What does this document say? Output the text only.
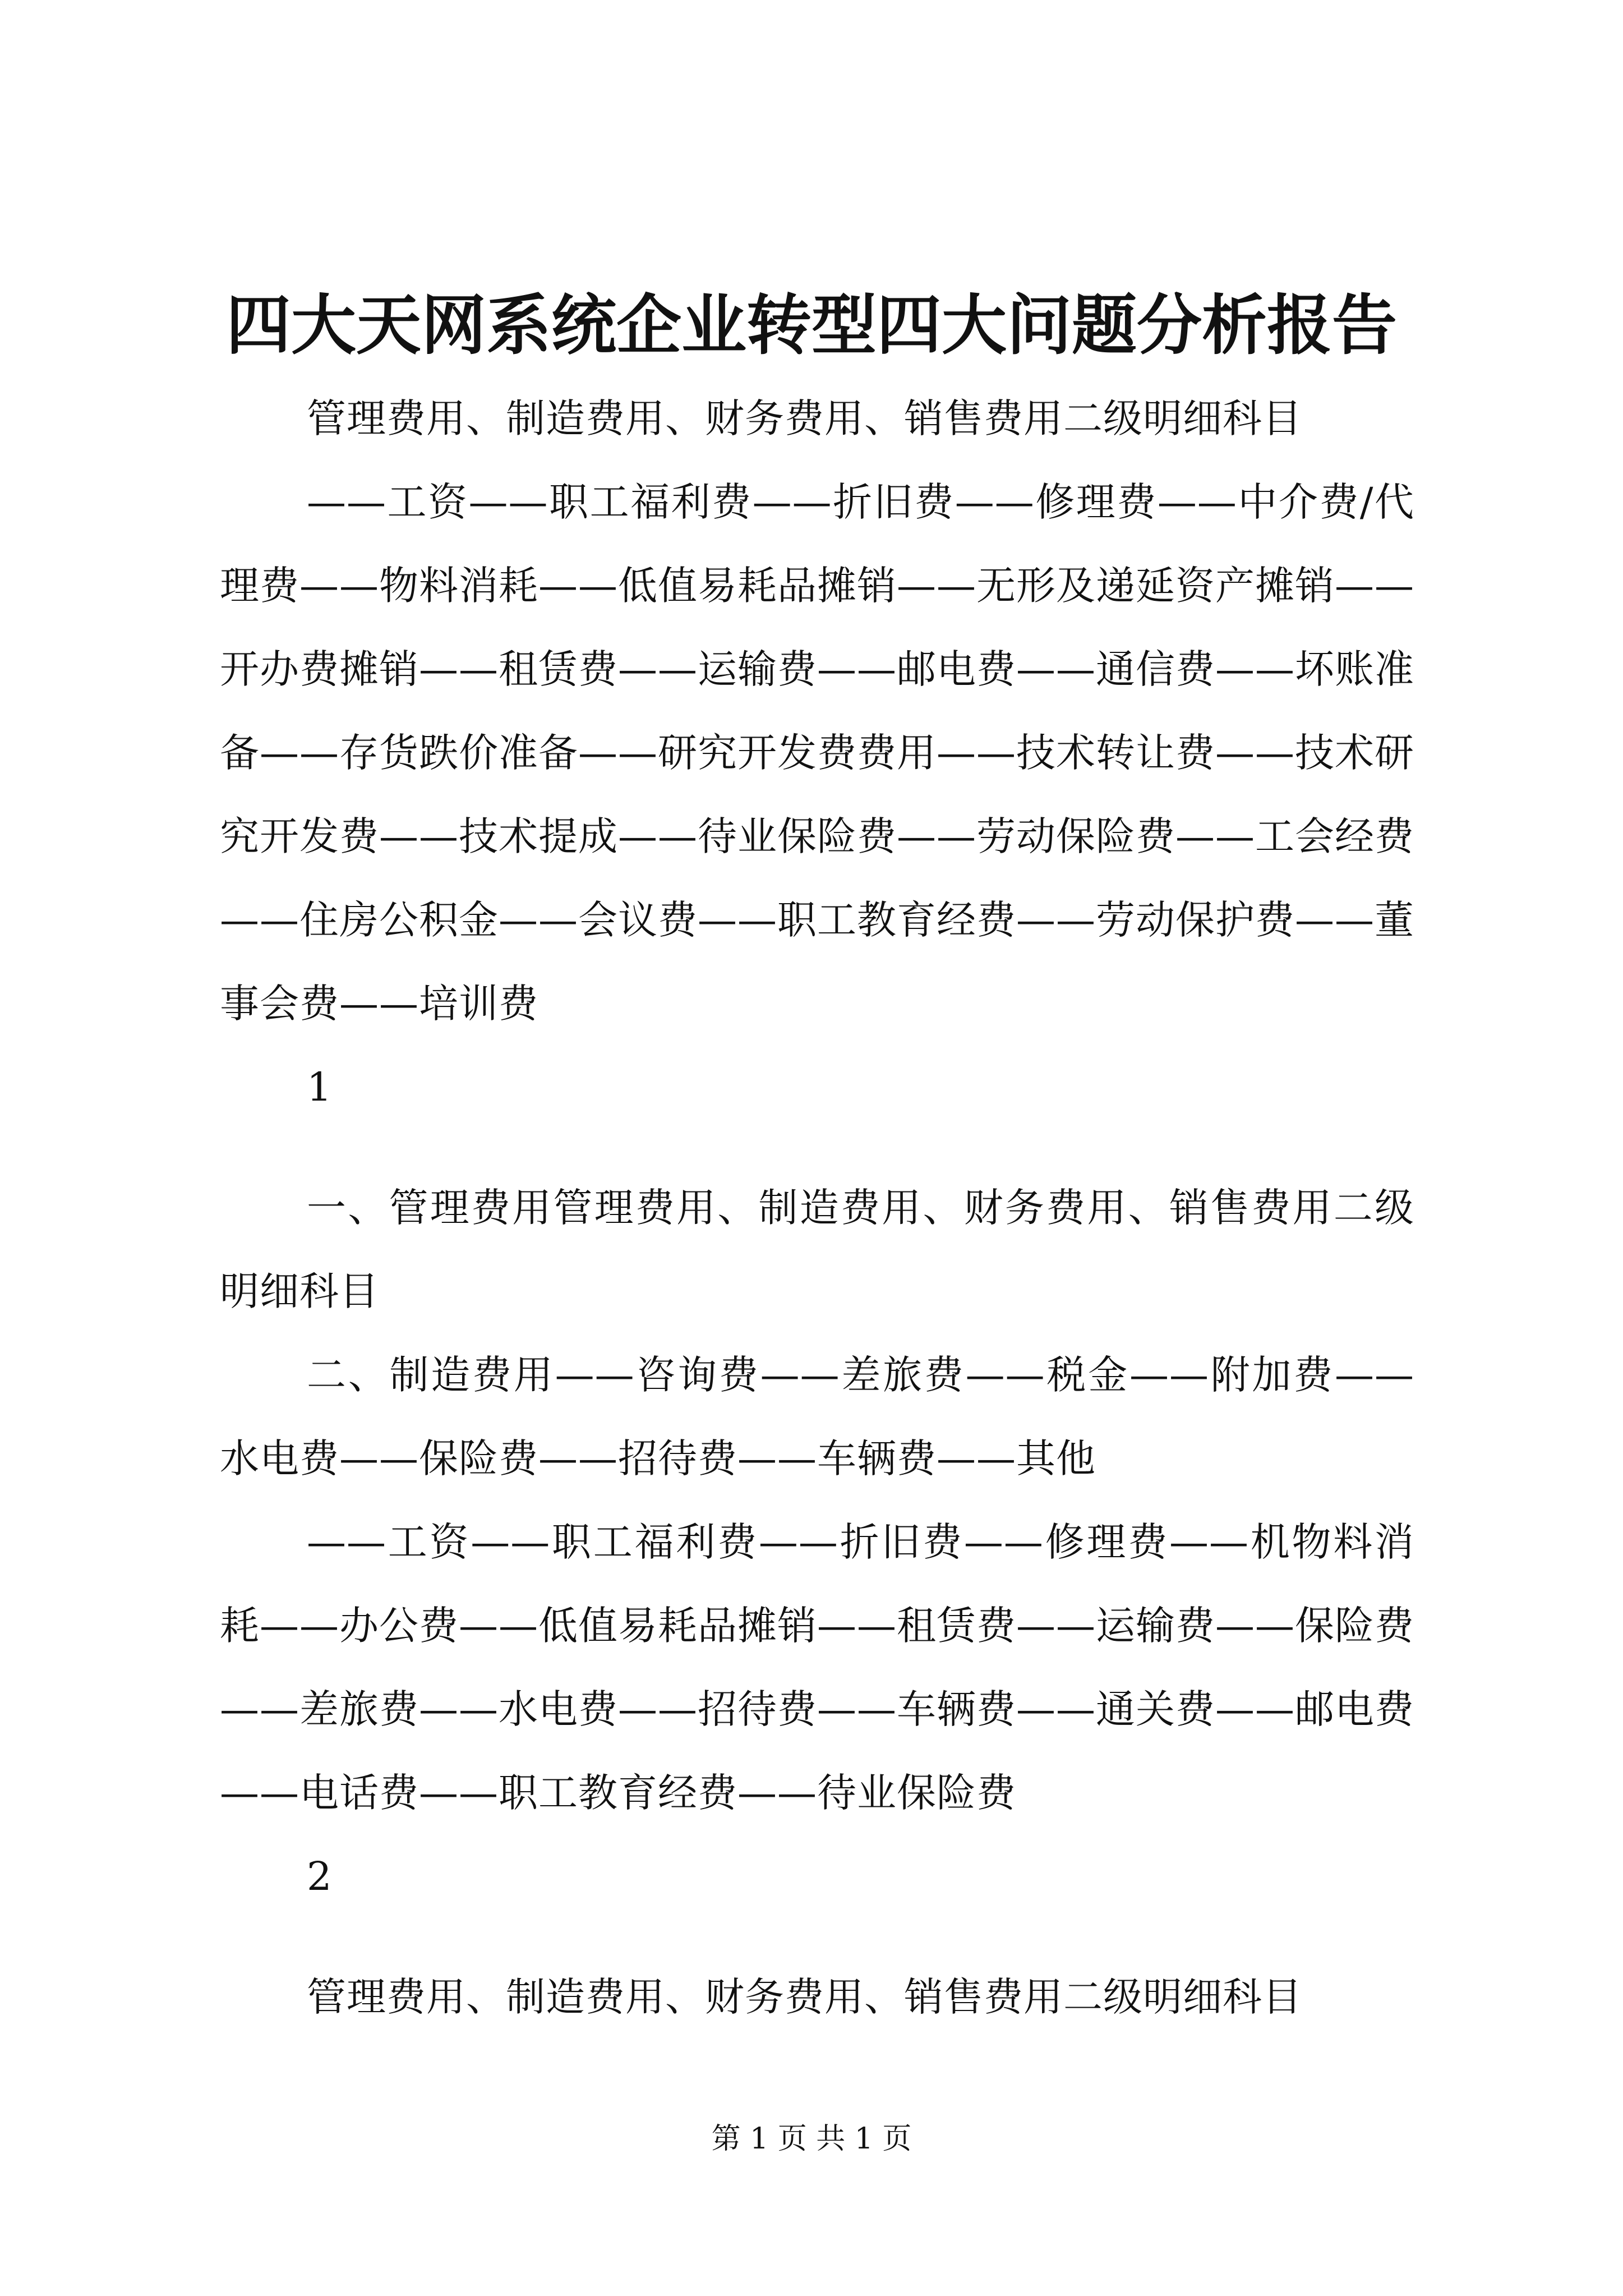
四大天网系统企业转型四大问题分析报告

管理费用、制造费用、财务费用、销售费用二级明细科目

——工资——职工福利费——折旧费——修理费——中介费/代理费——物料消耗——低值易耗品摊销——无形及递延资产摊销——开办费摊销——租赁费——运输费——邮电费——通信费——坏账准备——存货跌价准备——研究开发费费用——技术转让费——技术研究开发费——技术提成——待业保险费——劳动保险费——工会经费——住房公积金——会议费——职工教育经费——劳动保护费——董事会费——培训费

1

一、管理费用管理费用、制造费用、财务费用、销售费用二级明细科目

二、制造费用——咨询费——差旅费——税金——附加费——水电费——保险费——招待费——车辆费——其他

——工资——职工福利费——折旧费——修理费——机物料消耗——办公费——低值易耗品摊销——租赁费——运输费——保险费——差旅费——水电费——招待费——车辆费——通关费——邮电费——电话费——职工教育经费——待业保险费

2

管理费用、制造费用、财务费用、销售费用二级明细科目

第 1 页 共 1 页
